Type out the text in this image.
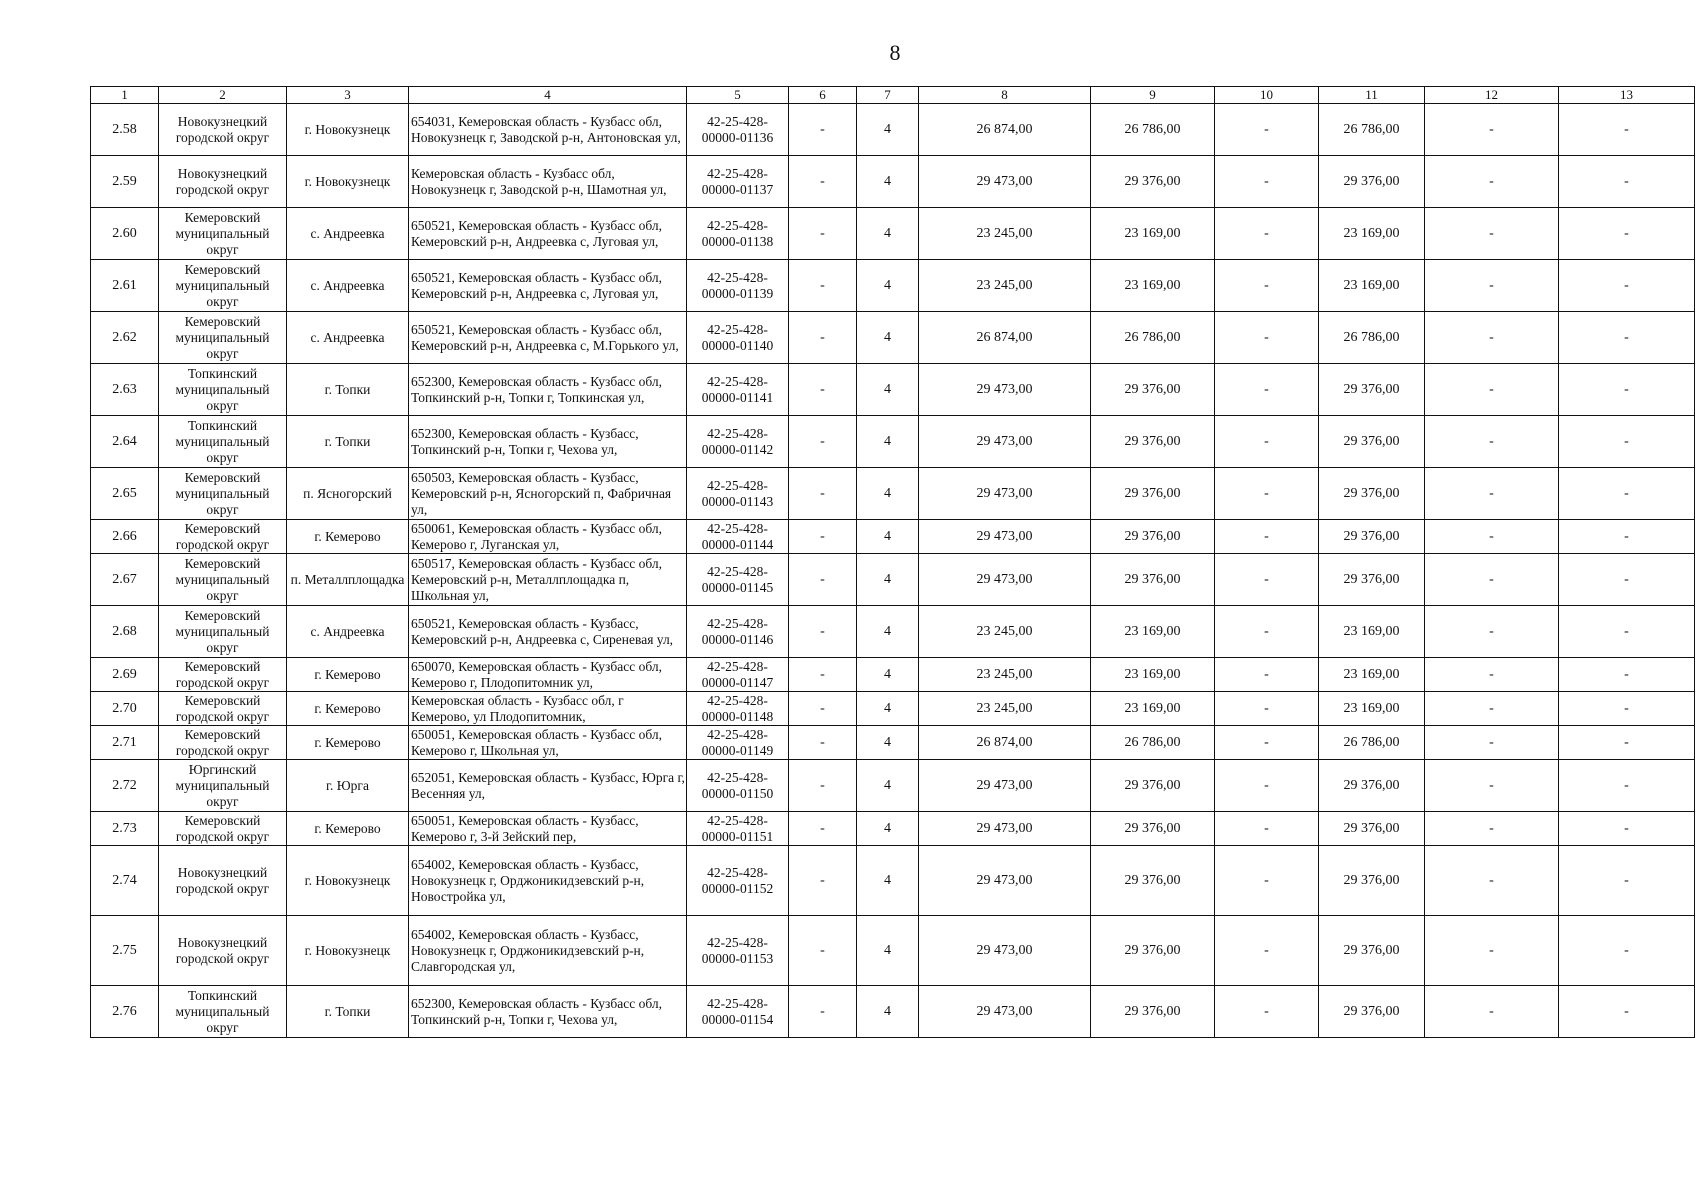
8
1	2	3	4	5	6	7	8	9	10	11	12	13
2.58	Новокузнецкий городской округ	г. Новокузнецк	654031, Кемеровская область - Кузбасс обл, Новокузнецк г, Заводской р-н, Антоновская ул,	42-25-428-00000-01136	-	4	26 874,00	26 786,00	-	26 786,00	-	-
2.59	Новокузнецкий городской округ	г. Новокузнецк	Кемеровская область - Кузбасс обл, Новокузнецк г, Заводской р-н, Шамотная ул,	42-25-428-00000-01137	-	4	29 473,00	29 376,00	-	29 376,00	-	-
2.60	Кемеровский муниципальный округ	с. Андреевка	650521, Кемеровская область - Кузбасс обл, Кемеровский р-н, Андреевка с, Луговая ул,	42-25-428-00000-01138	-	4	23 245,00	23 169,00	-	23 169,00	-	-
2.61	Кемеровский муниципальный округ	с. Андреевка	650521, Кемеровская область - Кузбасс обл, Кемеровский р-н, Андреевка с, Луговая ул,	42-25-428-00000-01139	-	4	23 245,00	23 169,00	-	23 169,00	-	-
2.62	Кемеровский муниципальный округ	с. Андреевка	650521, Кемеровская область - Кузбасс обл, Кемеровский р-н, Андреевка с, М.Горького ул,	42-25-428-00000-01140	-	4	26 874,00	26 786,00	-	26 786,00	-	-
2.63	Топкинский муниципальный округ	г. Топки	652300, Кемеровская область - Кузбасс обл, Топкинский р-н, Топки г, Топкинская ул,	42-25-428-00000-01141	-	4	29 473,00	29 376,00	-	29 376,00	-	-
2.64	Топкинский муниципальный округ	г. Топки	652300, Кемеровская область - Кузбасс, Топкинский р-н, Топки г, Чехова ул,	42-25-428-00000-01142	-	4	29 473,00	29 376,00	-	29 376,00	-	-
2.65	Кемеровский муниципальный округ	п. Ясногорский	650503, Кемеровская область - Кузбасс, Кемеровский р-н, Ясногорский п, Фабричная ул,	42-25-428-00000-01143	-	4	29 473,00	29 376,00	-	29 376,00	-	-
2.66	Кемеровский городской округ	г. Кемерово	650061, Кемеровская область - Кузбасс обл, Кемерово г, Луганская ул,	42-25-428-00000-01144	-	4	29 473,00	29 376,00	-	29 376,00	-	-
2.67	Кемеровский муниципальный округ	п. Металлплощадка	650517, Кемеровская область - Кузбасс обл, Кемеровский р-н, Металлплощадка п, Школьная ул,	42-25-428-00000-01145	-	4	29 473,00	29 376,00	-	29 376,00	-	-
2.68	Кемеровский муниципальный округ	с. Андреевка	650521, Кемеровская область - Кузбасс, Кемеровский р-н, Андреевка с, Сиреневая ул,	42-25-428-00000-01146	-	4	23 245,00	23 169,00	-	23 169,00	-	-
2.69	Кемеровский городской округ	г. Кемерово	650070, Кемеровская область - Кузбасс обл, Кемерово г, Плодопитомник ул,	42-25-428-00000-01147	-	4	23 245,00	23 169,00	-	23 169,00	-	-
2.70	Кемеровский городской округ	г. Кемерово	Кемеровская область - Кузбасс обл, г Кемерово, ул Плодопитомник,	42-25-428-00000-01148	-	4	23 245,00	23 169,00	-	23 169,00	-	-
2.71	Кемеровский городской округ	г. Кемерово	650051, Кемеровская область - Кузбасс обл, Кемерово г, Школьная ул,	42-25-428-00000-01149	-	4	26 874,00	26 786,00	-	26 786,00	-	-
2.72	Юргинский муниципальный округ	г. Юрга	652051, Кемеровская область - Кузбасс, Юрга г, Весенняя ул,	42-25-428-00000-01150	-	4	29 473,00	29 376,00	-	29 376,00	-	-
2.73	Кемеровский городской округ	г. Кемерово	650051, Кемеровская область - Кузбасс, Кемерово г, 3-й Зейский пер,	42-25-428-00000-01151	-	4	29 473,00	29 376,00	-	29 376,00	-	-
2.74	Новокузнецкий городской округ	г. Новокузнецк	654002, Кемеровская область - Кузбасс, Новокузнецк г, Орджоникидзевский р-н, Новостройка ул,	42-25-428-00000-01152	-	4	29 473,00	29 376,00	-	29 376,00	-	-
2.75	Новокузнецкий городской округ	г. Новокузнецк	654002, Кемеровская область - Кузбасс, Новокузнецк г, Орджоникидзевский р-н, Славгородская ул,	42-25-428-00000-01153	-	4	29 473,00	29 376,00	-	29 376,00	-	-
2.76	Топкинский муниципальный округ	г. Топки	652300, Кемеровская область - Кузбасс обл, Топкинский р-н, Топки г, Чехова ул,	42-25-428-00000-01154	-	4	29 473,00	29 376,00	-	29 376,00	-	-
